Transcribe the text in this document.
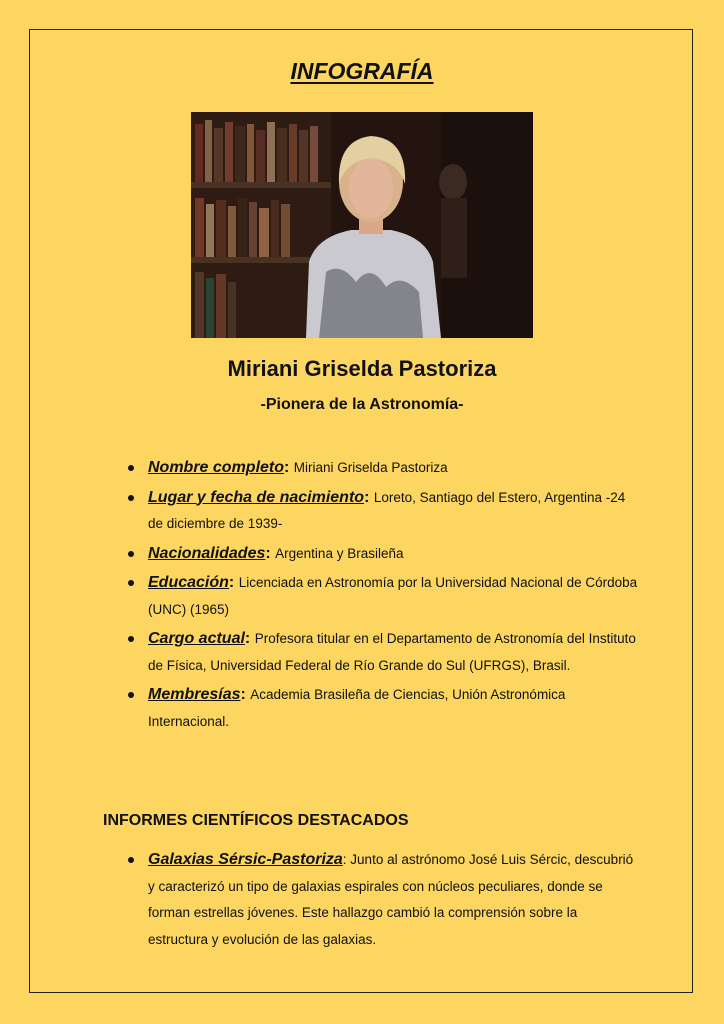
INFOGRAFÍA
Miriani Griselda Pastoriza
-Pionera de la Astronomía-
Nombre completo: Miriani Griselda Pastoriza
Lugar y fecha de nacimiento: Loreto, Santiago del Estero, Argentina -24 de diciembre de 1939-
Nacionalidades: Argentina y Brasileña
Educación: Licenciada en Astronomía por la Universidad Nacional de Córdoba (UNC) (1965)
Cargo actual: Profesora titular en el Departamento de Astronomía del Instituto de Física, Universidad Federal de Río Grande do Sul (UFRGS), Brasil.
Membresías: Academia Brasileña de Ciencias, Unión Astronómica Internacional.
INFORMES CIENTÍFICOS DESTACADOS
Galaxias Sérsic-Pastoriza: Junto al astrónomo José Luis Sércic, descubrió y caracterizó un tipo de galaxias espirales con núcleos peculiares, donde se forman estrellas jóvenes. Este hallazgo cambió la comprensión sobre la estructura y evolución de las galaxias.
